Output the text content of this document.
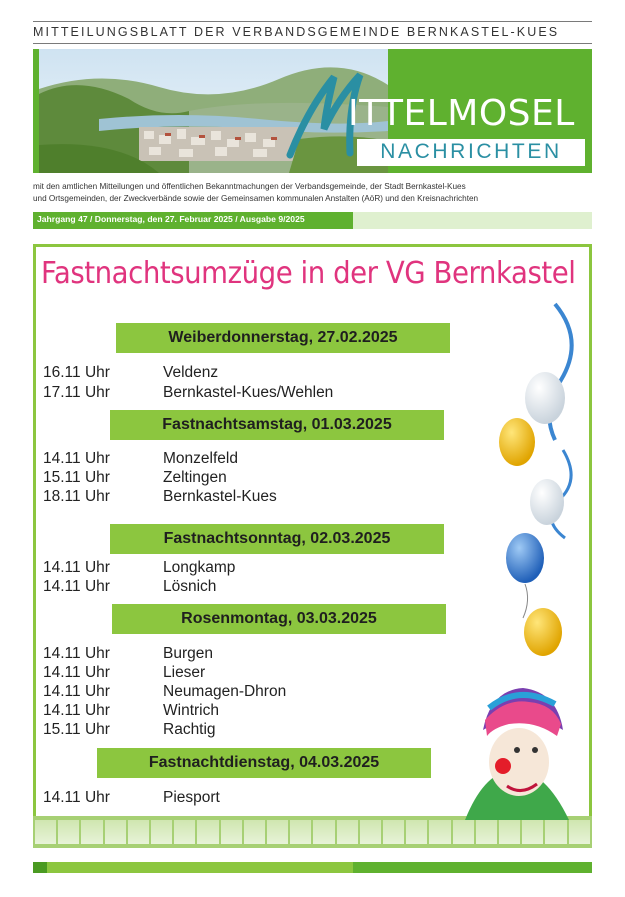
MITTEILUNGSBLATT DER VERBANDSGEMEINDE BERNKASTEL-KUES
ITTELMOSEL
NACHRICHTEN
mit den amtlichen Mitteilungen und öffentlichen Bekanntmachungen der Verbandsgemeinde, der Stadt Bernkastel-Kues
und Ortsgemeinden, der Zweckverbände sowie der Gemeinsamen kommunalen Anstalten (AöR) und den Kreisnachrichten
Jahrgang 47 / Donnerstag, den 27. Februar 2025 / Ausgabe 9/2025
Fastnachtsumzüge in der VG Bernkastel
Weiberdonnerstag, 27.02.2025
16.11 Uhr	Veldenz
17.11 Uhr	Bernkastel-Kues/Wehlen
Fastnachtsamstag, 01.03.2025
14.11 Uhr	Monzelfeld
15.11 Uhr	Zeltingen
18.11 Uhr	Bernkastel-Kues
Fastnachtsonntag, 02.03.2025
14.11 Uhr	Longkamp
14.11 Uhr	Lösnich
Rosenmontag, 03.03.2025
14.11 Uhr	Burgen
14.11 Uhr	Lieser
14.11 Uhr	Neumagen-Dhron
14.11 Uhr	Wintrich
15.11 Uhr	Rachtig
Fastnachtdienstag, 04.03.2025
14.11 Uhr	Piesport
